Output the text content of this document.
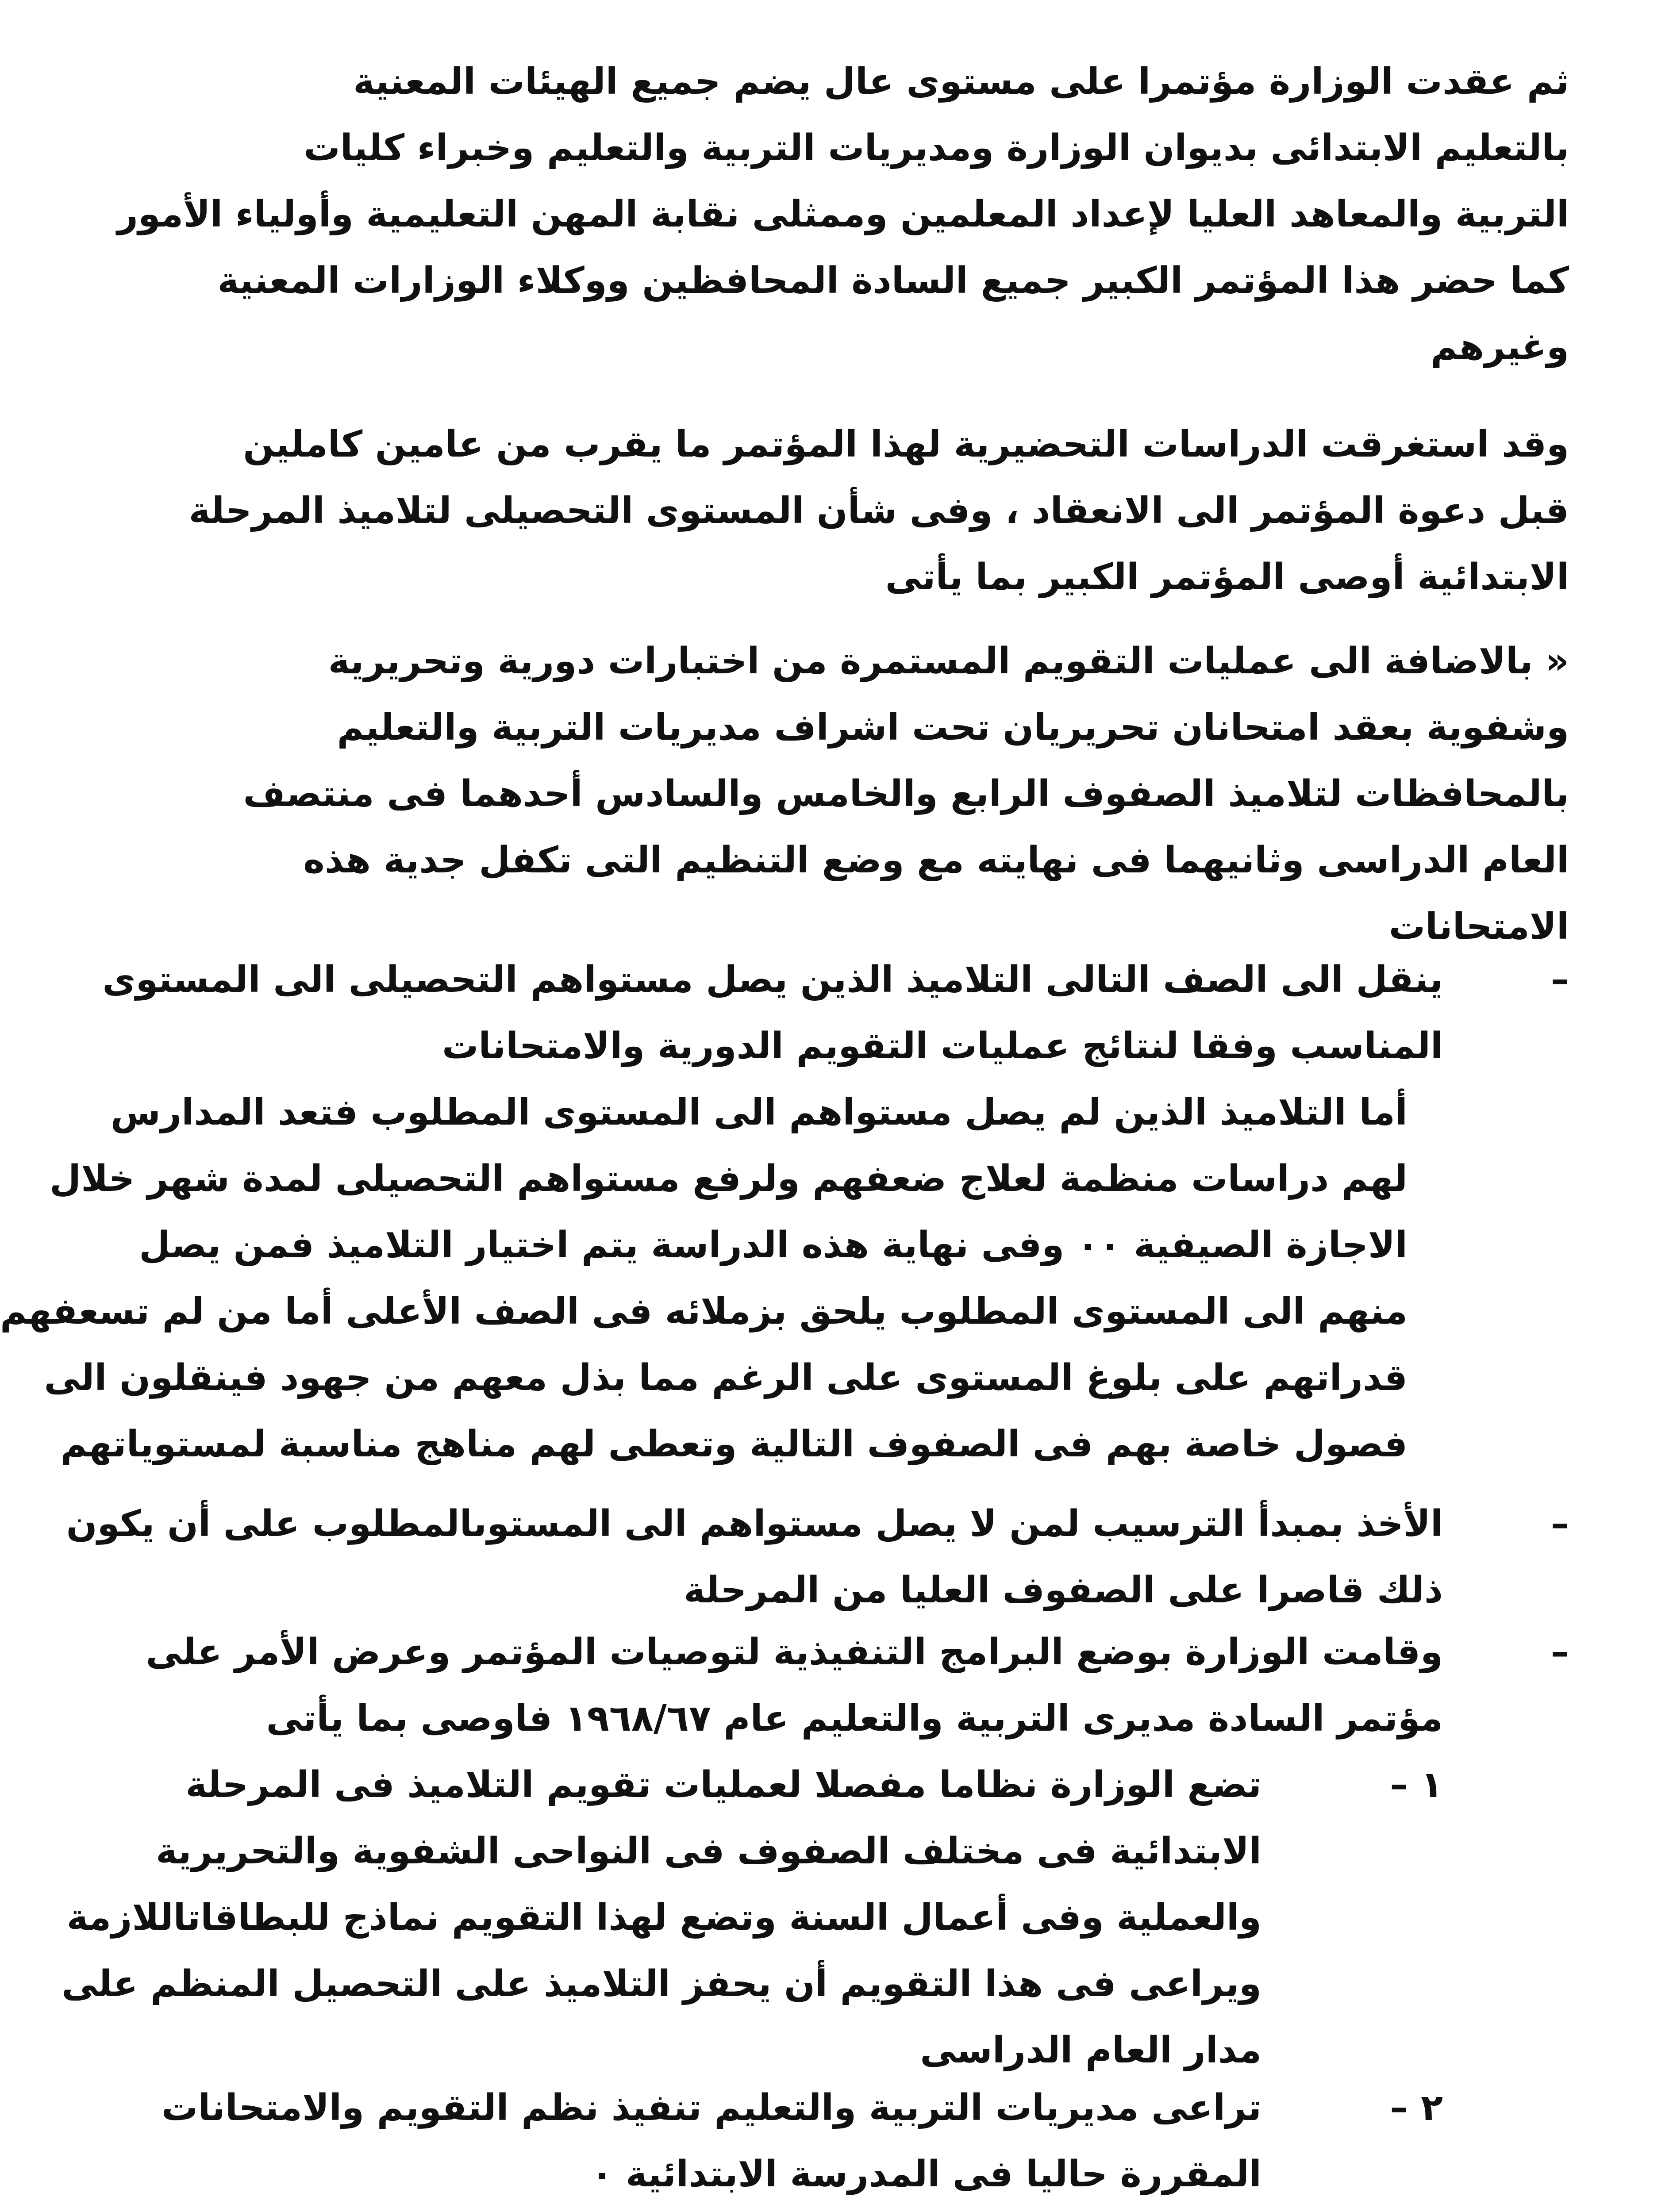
ثم عقدت الوزارة مؤتمرا على مستوى عال يضم جميع الهيئات المعنية
بالتعليم الابتدائى بديوان الوزارة ومديريات التربية والتعليم وخبراء كليات
التربية والمعاهد العليا لإعداد المعلمين وممثلى نقابة المهن التعليمية وأولياء الأمور
كما حضر هذا المؤتمر الكبير جميع السادة المحافظين ووكلاء الوزارات المعنية
وغيرهم
وقد استغرقت الدراسات التحضيرية لهذا المؤتمر ما يقرب من عامين كاملين
قبل دعوة المؤتمر الى الانعقاد ، وفى شأن المستوى التحصيلى لتلاميذ المرحلة
الابتدائية أوصى المؤتمر الكبير بما يأتى
« بالاضافة الى عمليات التقويم المستمرة من اختبارات دورية وتحريرية
وشفوية بعقد امتحانان تحريريان تحت اشراف مديريات التربية والتعليم
بالمحافظات لتلاميذ الصفوف الرابع والخامس والسادس أحدهما فى منتصف
العام الدراسى وثانيهما فى نهايته مع وضع التنظيم التى تكفل جدية هذه
الامتحانات
–
ينقل الى الصف التالى التلاميذ الذين يصل مستواهم التحصيلى الى المستوى
المناسب وفقا لنتائج عمليات التقويم الدورية والامتحانات
أما التلاميذ الذين لم يصل مستواهم الى المستوى المطلوب فتعد المدارس
لهم دراسات منظمة لعلاج ضعفهم ولرفع مستواهم التحصيلى لمدة شهر خلال
الاجازة الصيفية ٠٠ وفى نهاية هذه الدراسة يتم اختيار التلاميذ فمن يصل
منهم الى المستوى المطلوب يلحق بزملائه فى الصف الأعلى أما من لم تسعفهم
قدراتهم على بلوغ المستوى على الرغم مما بذل معهم من جهود فينقلون الى
فصول خاصة بهم فى الصفوف التالية وتعطى لهم مناهج مناسبة لمستوياتهم
–
الأخذ بمبدأ الترسيب لمن لا يصل مستواهم الى المستوىالمطلوب على أن يكون
ذلك قاصرا على الصفوف العليا من المرحلة
–
وقامت الوزارة بوضع البرامج التنفيذية لتوصيات المؤتمر وعرض الأمر على
مؤتمر السادة مديرى التربية والتعليم عام ١٩٦٨/٦٧ فاوصى بما يأتى
١ –
تضع الوزارة نظاما مفصلا لعمليات تقويم التلاميذ فى المرحلة
الابتدائية فى مختلف الصفوف فى النواحى الشفوية والتحريرية
والعملية وفى أعمال السنة وتضع لهذا التقويم نماذج للبطاقاتاللازمة
ويراعى فى هذا التقويم أن يحفز التلاميذ على التحصيل المنظم على
مدار العام الدراسى
٢ –
تراعى مديريات التربية والتعليم تنفيذ نظم التقويم والامتحانات
المقررة حاليا فى المدرسة الابتدائية ٠
